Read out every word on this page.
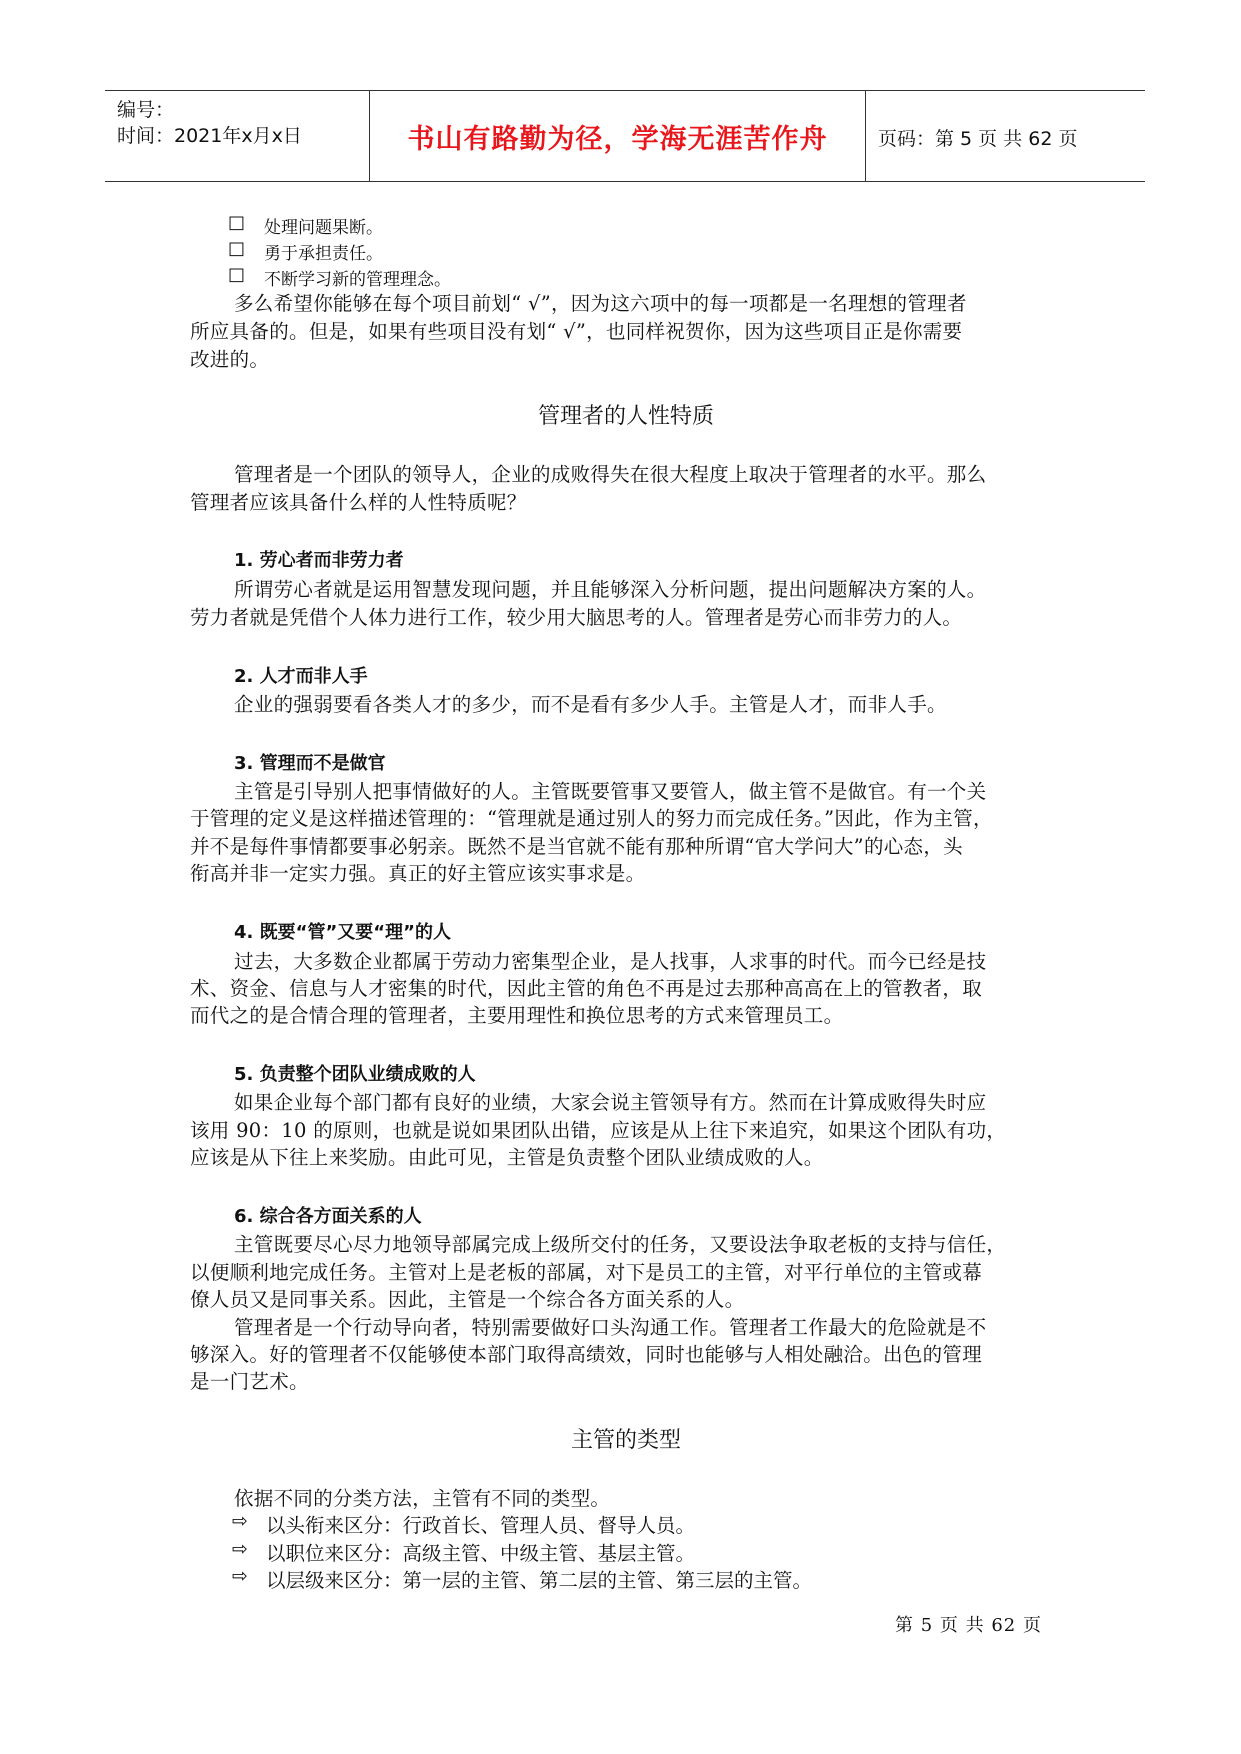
编号：
时间：2021年x月x日	书山有路勤为径，学海无涯苦作舟	页码：第 5 页 共 62 页
□ 处理问题果断。
□ 勇于承担责任。
□ 不断学习新的管理理念。
多么希望你能够在每个项目前划“ √”，因为这六项中的每一项都是一名理想的管理者
所应具备的。但是，如果有些项目没有划“ √”，也同样祝贺你，因为这些项目正是你需要
改进的。
管理者的人性特质
管理者是一个团队的领导人，企业的成败得失在很大程度上取决于管理者的水平。那么
管理者应该具备什么样的人性特质呢？
1. 劳心者而非劳力者
所谓劳心者就是运用智慧发现问题，并且能够深入分析问题，提出问题解决方案的人。
劳力者就是凭借个人体力进行工作，较少用大脑思考的人。管理者是劳心而非劳力的人。
2. 人才而非人手
企业的强弱要看各类人才的多少，而不是看有多少人手。主管是人才，而非人手。
3. 管理而不是做官
主管是引导别人把事情做好的人。主管既要管事又要管人，做主管不是做官。有一个关
于管理的定义是这样描述管理的：“管理就是通过别人的努力而完成任务。”因此，作为主管，
并不是每件事情都要事必躬亲。既然不是当官就不能有那种所谓“官大学问大”的心态，头
衔高并非一定实力强。真正的好主管应该实事求是。
4. 既要“管”又要“理”的人
过去，大多数企业都属于劳动力密集型企业，是人找事，人求事的时代。而今已经是技
术、资金、信息与人才密集的时代，因此主管的角色不再是过去那种高高在上的管教者，取
而代之的是合情合理的管理者，主要用理性和换位思考的方式来管理员工。
5. 负责整个团队业绩成败的人
如果企业每个部门都有良好的业绩，大家会说主管领导有方。然而在计算成败得失时应
该用 90：10 的原则，也就是说如果团队出错，应该是从上往下来追究，如果这个团队有功，
应该是从下往上来奖励。由此可见，主管是负责整个团队业绩成败的人。
6. 综合各方面关系的人
主管既要尽心尽力地领导部属完成上级所交付的任务，又要设法争取老板的支持与信任，
以便顺利地完成任务。主管对上是老板的部属，对下是员工的主管，对平行单位的主管或幕
僚人员又是同事关系。因此，主管是一个综合各方面关系的人。
管理者是一个行动导向者，特别需要做好口头沟通工作。管理者工作最大的危险就是不
够深入。好的管理者不仅能够使本部门取得高绩效，同时也能够与人相处融洽。出色的管理
是一门艺术。
主管的类型
依据不同的分类方法，主管有不同的类型。
⇨ 以头衔来区分：行政首长、管理人员、督导人员。
⇨ 以职位来区分：高级主管、中级主管、基层主管。
⇨ 以层级来区分：第一层的主管、第二层的主管、第三层的主管。
第 5 页 共 62 页
